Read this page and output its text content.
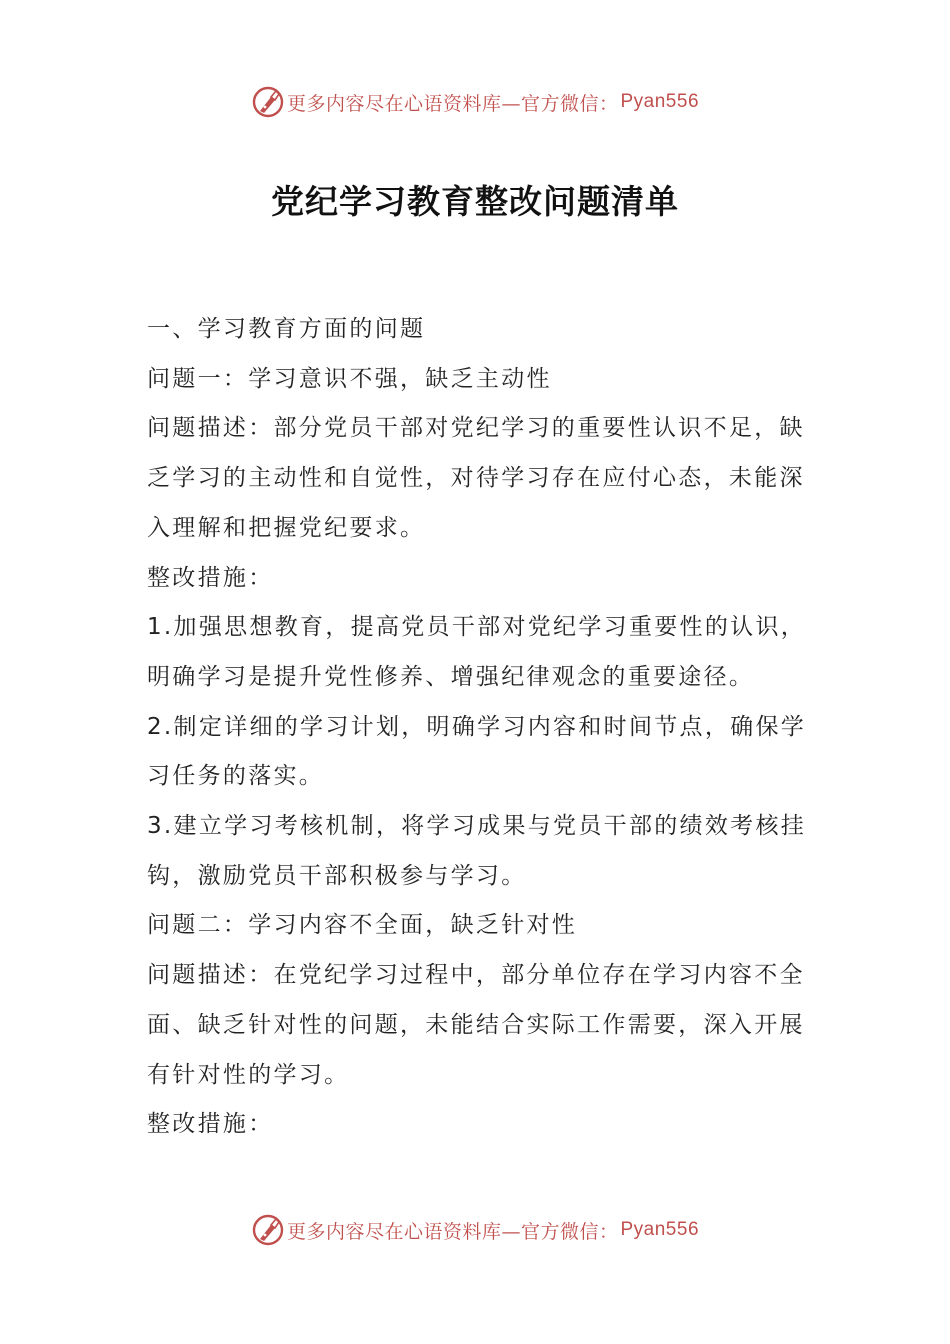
更多内容尽在心语资料库—官方微信： Pyan556
党纪学习教育整改问题清单

一、学习教育方面的问题

问题一：学习意识不强，缺乏主动性

问题描述：部分党员干部对党纪学习的重要性认识不足，缺乏学习的主动性和自觉性，对待学习存在应付心态，未能深入理解和把握党纪要求。

整改措施：

1.加强思想教育，提高党员干部对党纪学习重要性的认识，明确学习是提升党性修养、增强纪律观念的重要途径。

2.制定详细的学习计划，明确学习内容和时间节点，确保学习任务的落实。

3.建立学习考核机制，将学习成果与党员干部的绩效考核挂钩，激励党员干部积极参与学习。

问题二：学习内容不全面，缺乏针对性

问题描述：在党纪学习过程中，部分单位存在学习内容不全面、缺乏针对性的问题，未能结合实际工作需要，深入开展有针对性的学习。

整改措施：

更多内容尽在心语资料库—官方微信： Pyan556
